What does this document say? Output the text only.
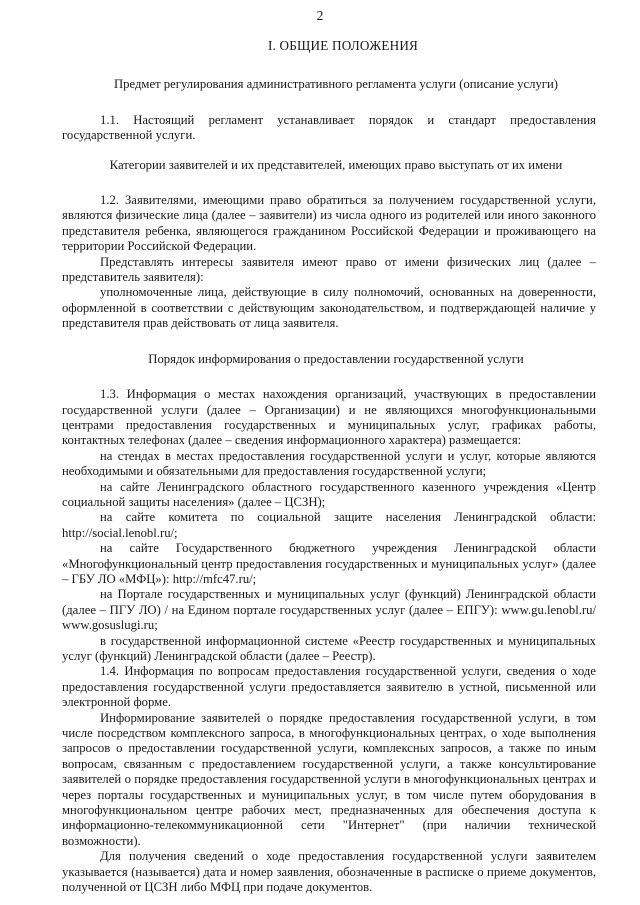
2
I. ОБЩИЕ ПОЛОЖЕНИЯ
Предмет регулирования административного регламента услуги (описание услуги)

1.1. Настоящий регламент устанавливает порядок и стандарт предоставления государственной услуги.

Категории заявителей и их представителей, имеющих право выступать от их имени

1.2. Заявителями, имеющими право обратиться за получением государственной услуги, являются физические лица (далее – заявители) из числа одного из родителей или иного законного представителя ребенка, являющегося гражданином Российской Федерации и проживающего на территории Российской Федерации.

Представлять интересы заявителя имеют право от имени физических лиц (далее – представитель заявителя):

уполномоченные лица, действующие в силу полномочий, основанных на доверенности, оформленной в соответствии с действующим законодательством, и подтверждающей наличие у представителя прав действовать от лица заявителя.

Порядок информирования о предоставлении государственной услуги

1.3. Информация о местах нахождения организаций, участвующих в предоставлении государственной услуги (далее – Организации) и не являющихся многофункциональными центрами предоставления государственных и муниципальных услуг, графиках работы, контактных телефонах (далее – сведения информационного характера) размещается:

на стендах в местах предоставления государственной услуги и услуг, которые являются необходимыми и обязательными для предоставления государственной услуги;

на сайте Ленинградского областного государственного казенного учреждения «Центр социальной защиты населения» (далее – ЦСЗН);

на сайте комитета по социальной защите населения Ленинградской области: http://social.lenobl.ru/;

на сайте Государственного бюджетного учреждения Ленинградской области «Многофункциональный центр предоставления государственных и муниципальных услуг» (далее – ГБУ ЛО «МФЦ»): http://mfc47.ru/;

на Портале государственных и муниципальных услуг (функций) Ленинградской области (далее – ПГУ ЛО) / на Едином портале государственных услуг (далее – ЕПГУ): www.gu.lenobl.ru/ www.gosuslugi.ru;

в государственной информационной системе «Реестр государственных и муниципальных услуг (функций) Ленинградской области (далее – Реестр).

1.4. Информация по вопросам предоставления государственной услуги, сведения о ходе предоставления государственной услуги предоставляется заявителю в устной, письменной или электронной форме.

Информирование заявителей о порядке предоставления государственной услуги, в том числе посредством комплексного запроса, в многофункциональных центрах, о ходе выполнения запросов о предоставлении государственной услуги, комплексных запросов, а также по иным вопросам, связанным с предоставлением государственной услуги, а также консультирование заявителей о порядке предоставления государственной услуги в многофункциональных центрах и через порталы государственных и муниципальных услуг, в том числе путем оборудования в многофункциональном центре рабочих мест, предназначенных для обеспечения доступа к информационно-телекоммуникационной сети "Интернет" (при наличии технической возможности).

Для получения сведений о ходе предоставления государственной услуги заявителем указывается (называется) дата и номер заявления, обозначенные в расписке о приеме документов, полученной от ЦСЗН либо МФЦ при подаче документов.
